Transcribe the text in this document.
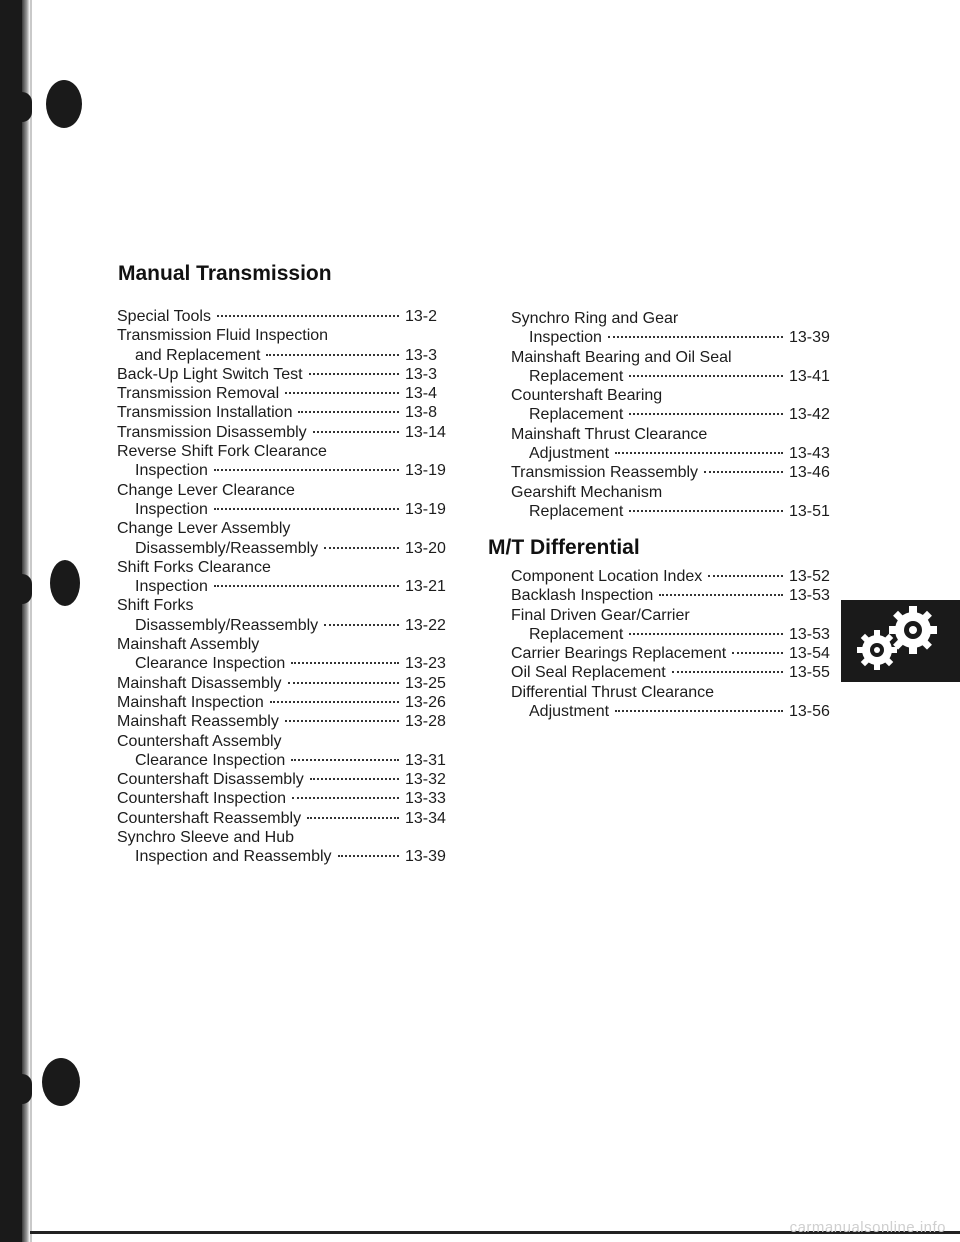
Manual Transmission
Special Tools	13-2
Transmission Fluid Inspection
and Replacement	13-3
Back-Up Light Switch Test	13-3
Transmission Removal	13-4
Transmission Installation	13-8
Transmission Disassembly	13-14
Reverse Shift Fork Clearance
Inspection	13-19
Change Lever Clearance
Inspection	13-19
Change Lever Assembly
Disassembly/Reassembly	13-20
Shift Forks Clearance
Inspection	13-21
Shift Forks
Disassembly/Reassembly	13-22
Mainshaft Assembly
Clearance Inspection	13-23
Mainshaft Disassembly	13-25
Mainshaft Inspection	13-26
Mainshaft Reassembly	13-28
Countershaft Assembly
Clearance Inspection	13-31
Countershaft Disassembly	13-32
Countershaft Inspection	13-33
Countershaft Reassembly	13-34
Synchro Sleeve and Hub
Inspection and Reassembly	13-39
Synchro Ring and Gear
Inspection	13-39
Mainshaft Bearing and Oil Seal
Replacement	13-41
Countershaft Bearing
Replacement	13-42
Mainshaft Thrust Clearance
Adjustment	13-43
Transmission Reassembly	13-46
Gearshift Mechanism
Replacement	13-51
M/T Differential
Component Location Index	13-52
Backlash Inspection	13-53
Final Driven Gear/Carrier
Replacement	13-53
Carrier Bearings Replacement	13-54
Oil Seal Replacement	13-55
Differential Thrust Clearance
Adjustment	13-56
carmanualsonline.info
